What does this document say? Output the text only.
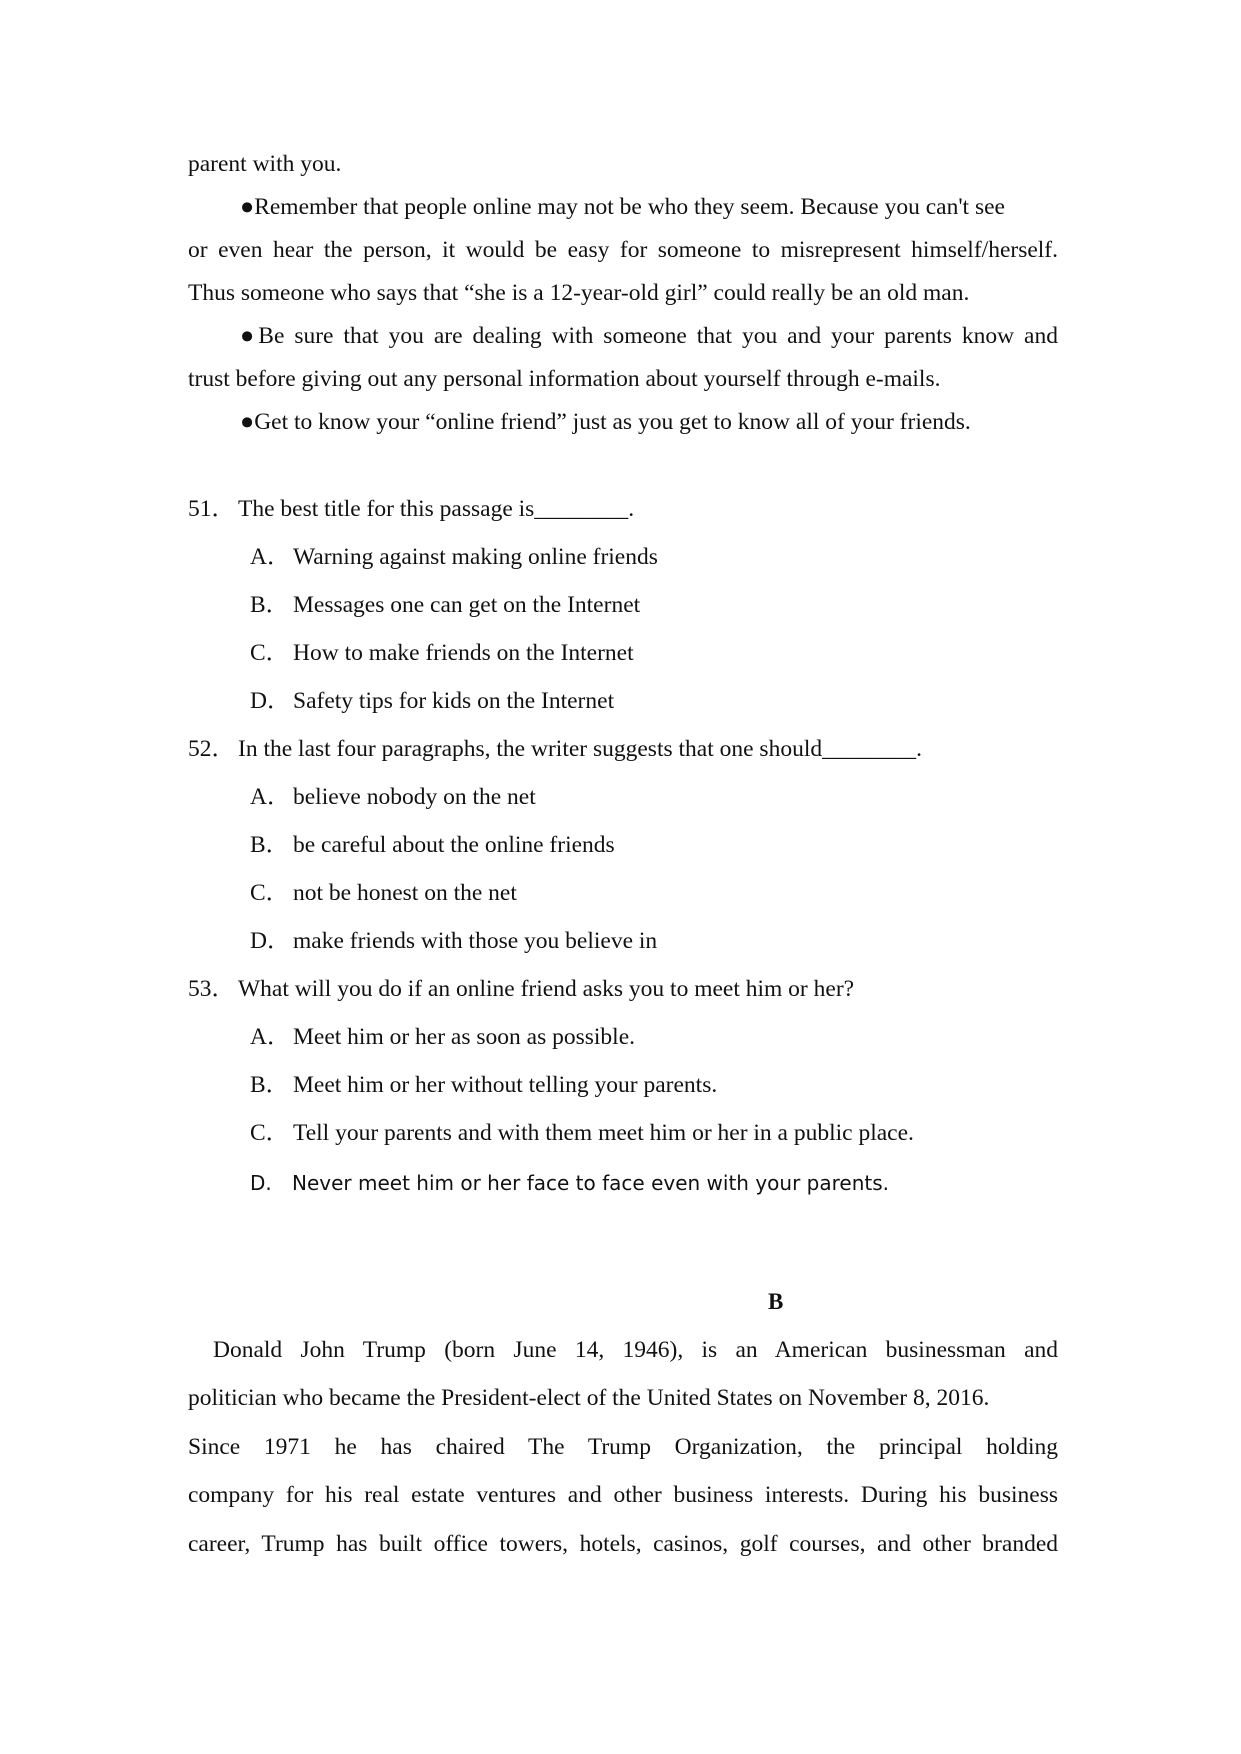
parent with you.
●Remember that people online may not be who they seem. Because you can't see
or even hear the person, it would be easy for someone to misrepresent himself/herself.
Thus someone who says that “she is a 12-year-old girl” could really be an old man.
●Be sure that you are dealing with someone that you and your parents know and
trust before giving out any personal information about yourself through e-mails.
●Get to know your “online friend” just as you get to know all of your friends.
51． The best title for this passage is________.
A． Warning against making online friends
B． Messages one can get on the Internet
C． How to make friends on the Internet
D． Safety tips for kids on the Internet
52． In the last four paragraphs, the writer suggests that one should________.
A． believe nobody on the net
B． be careful about the online friends
C． not be honest on the net
D． make friends with those you believe in
53． What will you do if an online friend asks you to meet him or her?
A． Meet him or her as soon as possible.
B． Meet him or her without telling your parents.
C． Tell your parents and with them meet him or her in a public place.
D. Never meet him or her face to face even with your parents.
B
Donald John Trump (born June 14, 1946), is an American businessman and
politician who became the President-elect of the United States on November 8, 2016.
Since 1971 he has chaired The Trump Organization, the principal holding
company for his real estate ventures and other business interests. During his business
career, Trump has built office towers, hotels, casinos, golf courses, and other branded
